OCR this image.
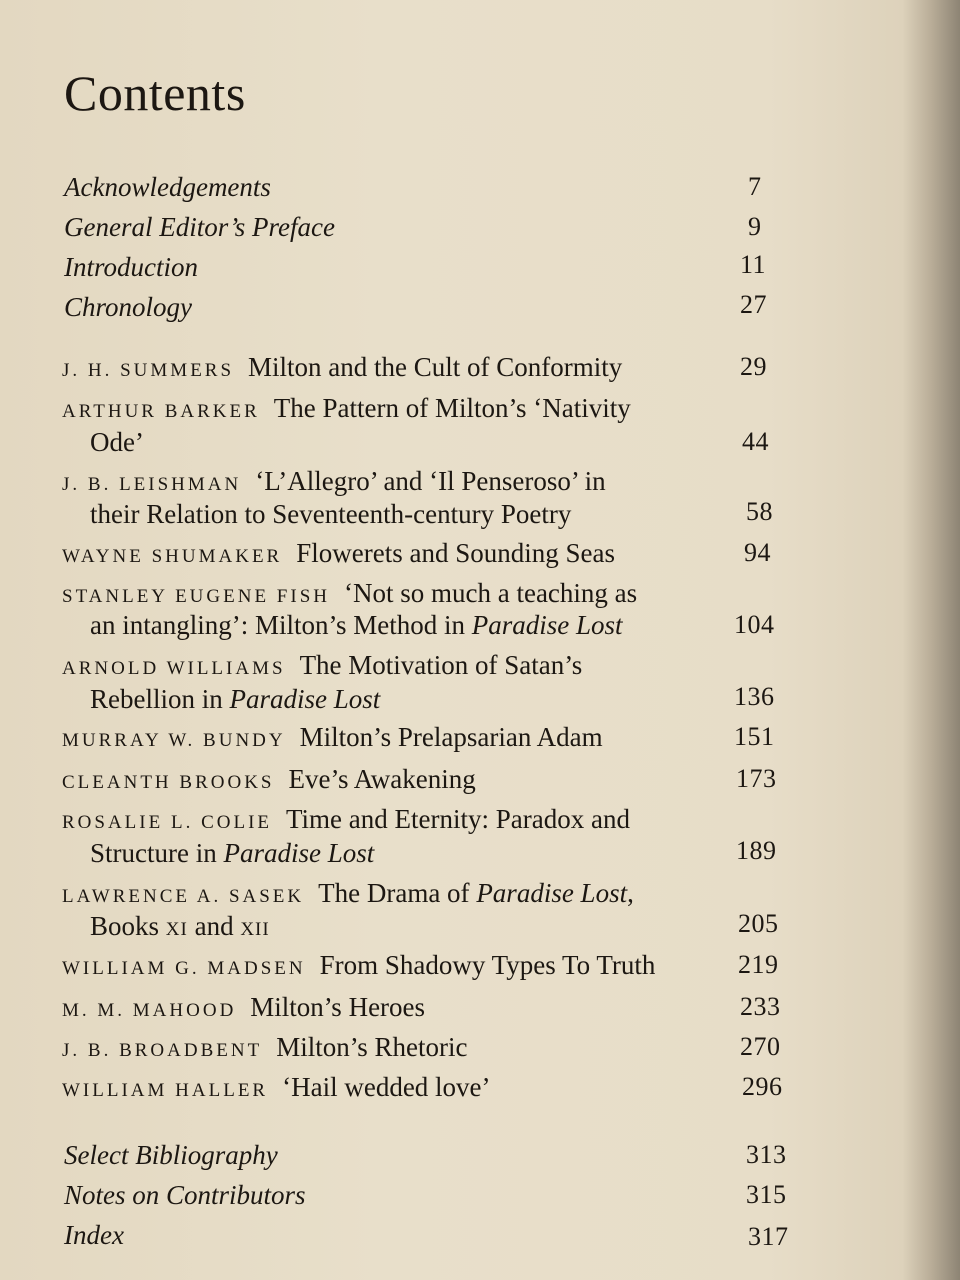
Contents
Acknowledgements	7
General Editor’s Preface	9
Introduction	11
Chronology	27
J. H. SUMMERS Milton and the Cult of Conformity	29
ARTHUR BARKER The Pattern of Milton’s ‘Nativity
Ode’	44
J. B. LEISHMAN ‘L’Allegro’ and ‘Il Penseroso’ in
their Relation to Seventeenth-century Poetry	58
WAYNE SHUMAKER Flowerets and Sounding Seas	94
STANLEY EUGENE FISH ‘Not so much a teaching as
an intangling’: Milton’s Method in Paradise Lost	104
ARNOLD WILLIAMS The Motivation of Satan’s
Rebellion in Paradise Lost	136
MURRAY W. BUNDY Milton’s Prelapsarian Adam	151
CLEANTH BROOKS Eve’s Awakening	173
ROSALIE L. COLIE Time and Eternity: Paradox and
Structure in Paradise Lost	189
LAWRENCE A. SASEK The Drama of Paradise Lost,
Books XI and XII	205
WILLIAM G. MADSEN From Shadowy Types To Truth	219
M. M. MAHOOD Milton’s Heroes	233
J. B. BROADBENT Milton’s Rhetoric	270
WILLIAM HALLER ‘Hail wedded love’	296
Select Bibliography	313
Notes on Contributors	315
Index	317
